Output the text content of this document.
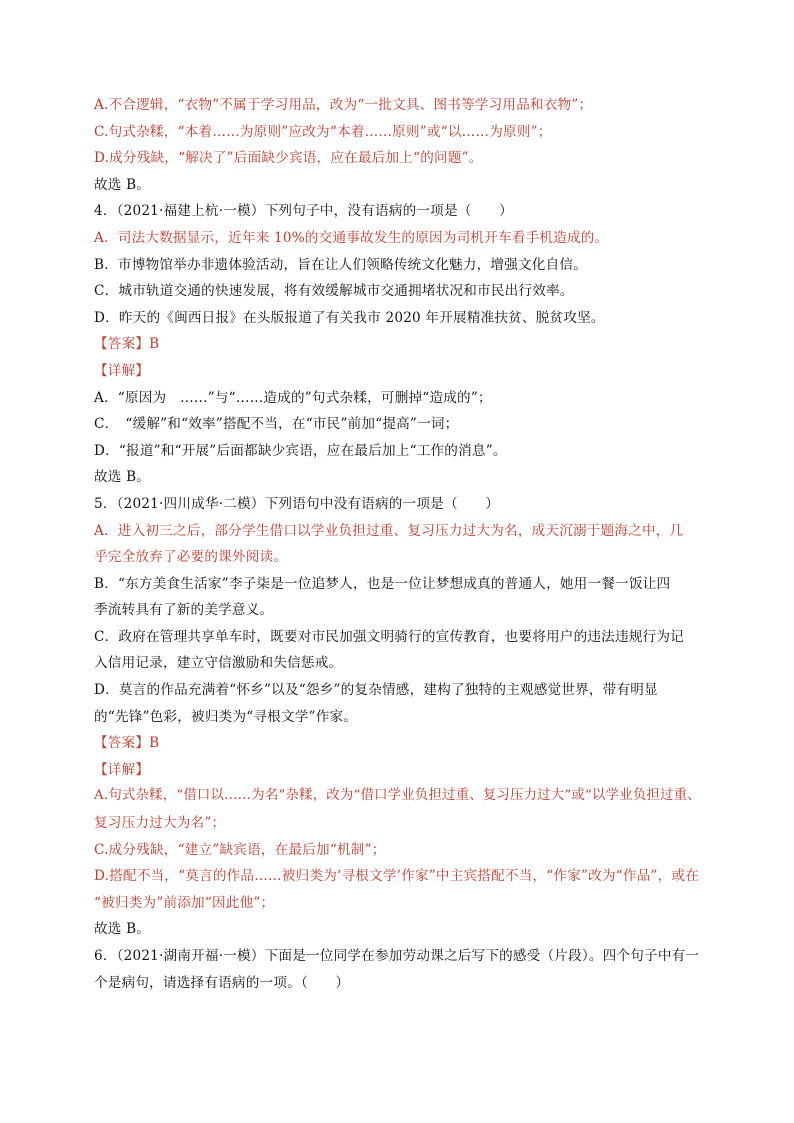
A.不合逻辑，“衣物”不属于学习用品，改为“一批文具、图书等学习用品和衣物”；
C.句式杂糅，“本着……为原则”应改为“本着……原则”或“以……为原则”；
D.成分残缺，“解决了”后面缺少宾语，应在最后加上“的问题”。
故选 B。
4．（2021·福建上杭·一模）下列句子中，没有语病的一项是（　　）
A．司法大数据显示，近年来 10%的交通事故发生的原因为司机开车看手机造成的。
B．市博物馆举办非遗体验活动，旨在让人们领略传统文化魅力，增强文化自信。
C．城市轨道交通的快速发展，将有效缓解城市交通拥堵状况和市民出行效率。
D．昨天的《闽西日报》在头版报道了有关我市 2020 年开展精准扶贫、脱贫攻坚。
【答案】B
【详解】
A．“原因为　……”与“……造成的”句式杂糅，可删掉“造成的”；
C．　“缓解”和“效率”搭配不当，在“市民”前加“提高”一词；
D．“报道”和“开展”后面都缺少宾语，应在最后加上“工作的消息”。
故选 B。
5．（2021·四川成华·二模）下列语句中没有语病的一项是（　　）
A．进入初三之后，部分学生借口以学业负担过重、复习压力过大为名，成天沉溺于题海之中，几
乎完全放弃了必要的课外阅读。
B．“东方美食生活家”李子柒是一位追梦人，也是一位让梦想成真的普通人，她用一餐一饭让四
季流转具有了新的美学意义。
C．政府在管理共享单车时，既要对市民加强文明骑行的宣传教育，也要将用户的违法违规行为记
入信用记录，建立守信激励和失信惩戒。
D．莫言的作品充满着“怀乡”以及“怨乡”的复杂情感，建构了独特的主观感觉世界，带有明显
的“先锋”色彩，被归类为“寻根文学”作家。
【答案】B
【详解】
A.句式杂糅，“借口以……为名”杂糅，改为“借口学业负担过重、复习压力过大”或“以学业负担过重、
复习压力过大为名”；
C.成分残缺，“建立”缺宾语，在最后加“机制”；
D.搭配不当，“莫言的作品……被归类为‘寻根文学’作家”中主宾搭配不当，“作家”改为“作品”，或在
“被归类为”前添加“因此他”；
故选 B。
6．（2021·湖南开福·一模）下面是一位同学在参加劳动课之后写下的感受（片段）。四个句子中有一
个是病句，请选择有语病的一项。（　　）
